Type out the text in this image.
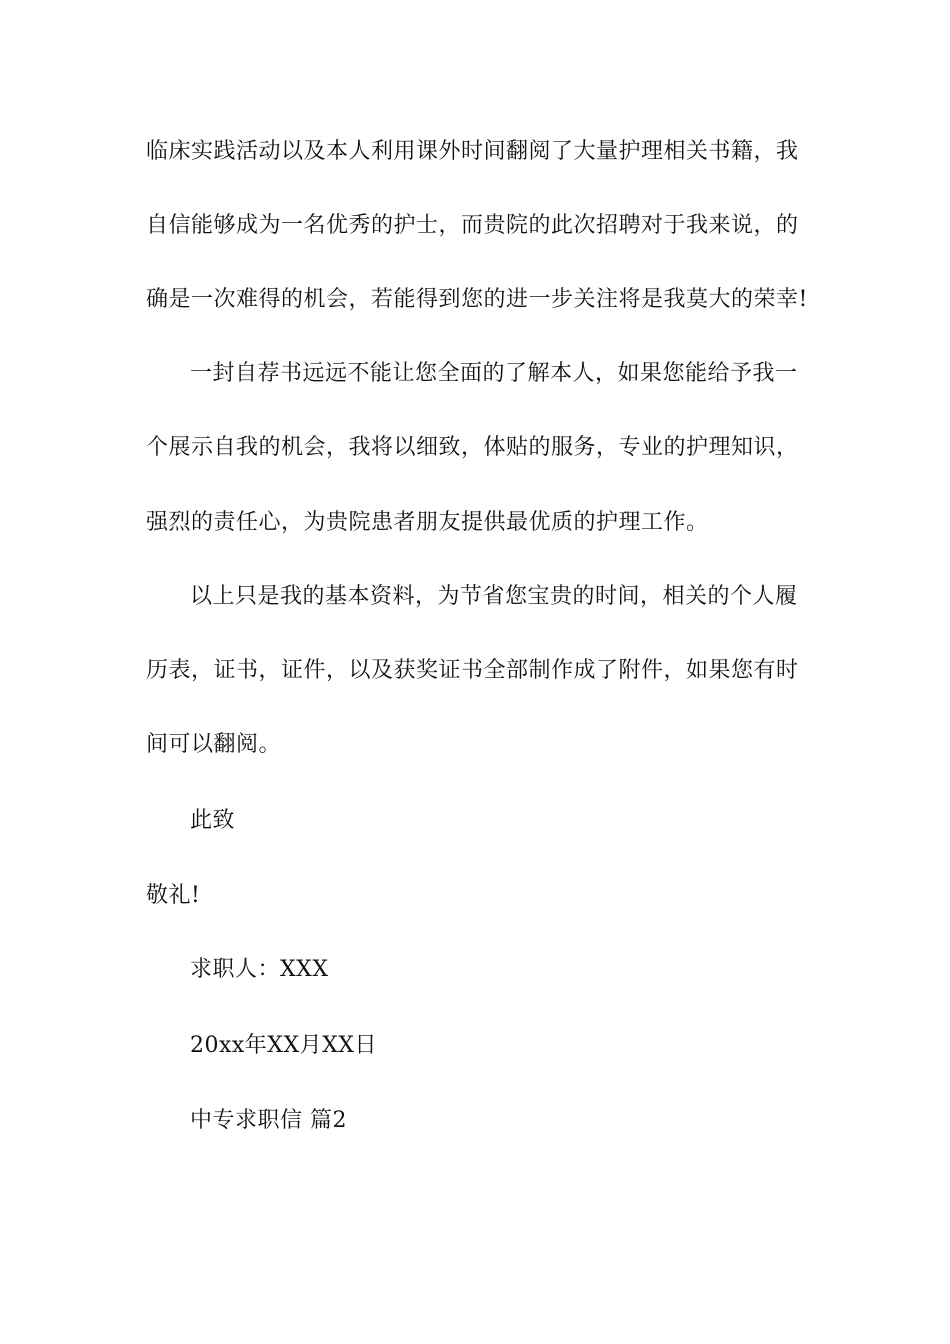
临床实践活动以及本人利用课外时间翻阅了大量护理相关书籍，我
自信能够成为一名优秀的护士，而贵院的此次招聘对于我来说，的
确是一次难得的机会，若能得到您的进一步关注将是我莫大的荣幸!
一封自荐书远远不能让您全面的了解本人，如果您能给予我一
个展示自我的机会，我将以细致，体贴的服务，专业的护理知识，
强烈的责任心，为贵院患者朋友提供最优质的护理工作。
以上只是我的基本资料，为节省您宝贵的时间，相关的个人履
历表，证书，证件，以及获奖证书全部制作成了附件，如果您有时
间可以翻阅。
此致
敬礼!
求职人：XXX
20xx年XX月XX日
中专求职信 篇2
